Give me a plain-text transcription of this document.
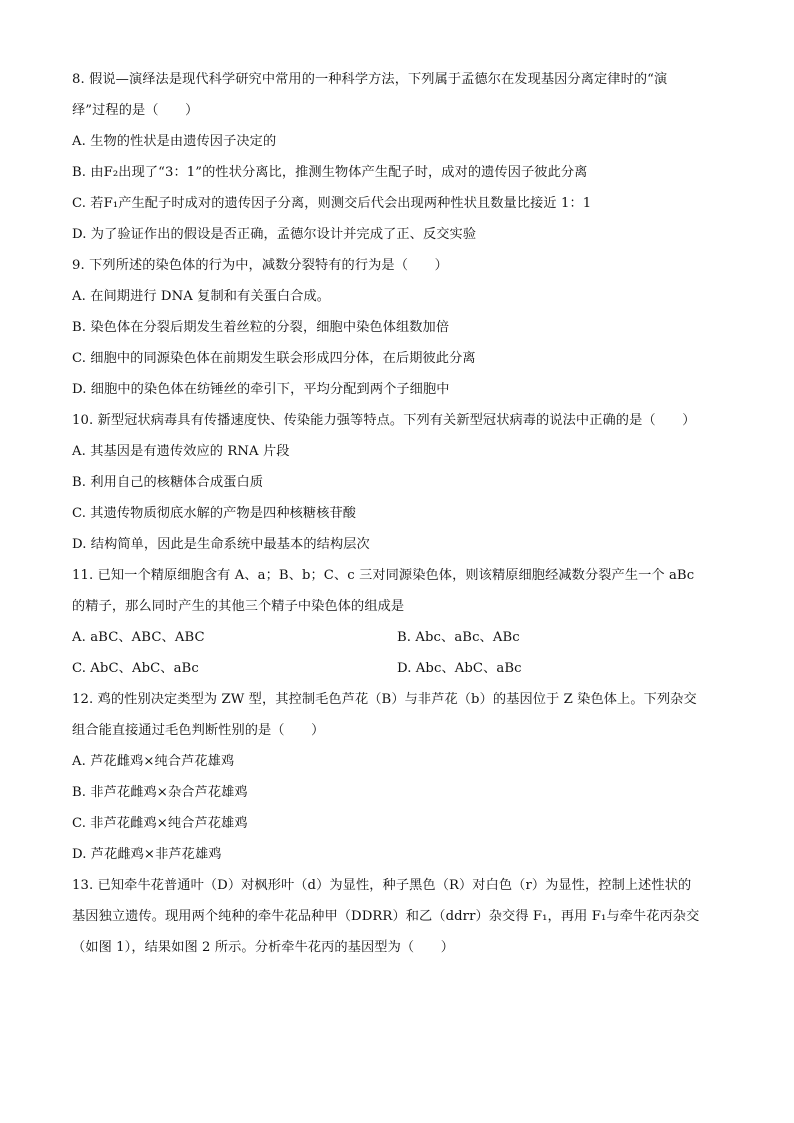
8. 假说—演绎法是现代科学研究中常用的一种科学方法，下列属于孟德尔在发现基因分离定律时的“演
绎”过程的是（　　）
A. 生物的性状是由遗传因子决定的
B. 由F₂出现了“3：1”的性状分离比，推测生物体产生配子时，成对的遗传因子彼此分离
C. 若F₁产生配子时成对的遗传因子分离，则测交后代会出现两种性状且数量比接近 1：1
D. 为了验证作出的假设是否正确，孟德尔设计并完成了正、反交实验
9. 下列所述的染色体的行为中，减数分裂特有的行为是（　　）
A. 在间期进行 DNA 复制和有关蛋白合成。
B. 染色体在分裂后期发生着丝粒的分裂，细胞中染色体组数加倍
C. 细胞中的同源染色体在前期发生联会形成四分体，在后期彼此分离
D. 细胞中的染色体在纺锤丝的牵引下，平均分配到两个子细胞中
10. 新型冠状病毒具有传播速度快、传染能力强等特点。下列有关新型冠状病毒的说法中正确的是（　　）
A. 其基因是有遗传效应的 RNA 片段
B. 利用自己的核糖体合成蛋白质
C. 其遗传物质彻底水解的产物是四种核糖核苷酸
D. 结构简单，因此是生命系统中最基本的结构层次
11. 已知一个精原细胞含有 A、a；B、b；C、c 三对同源染色体，则该精原细胞经减数分裂产生一个 aBc
的精子，那么同时产生的其他三个精子中染色体的组成是
A. aBC、ABC、ABC	B. Abc、aBc、ABc
C. AbC、AbC、aBc	D. Abc、AbC、aBc
12. 鸡的性别决定类型为 ZW 型，其控制毛色芦花（B）与非芦花（b）的基因位于 Z 染色体上。下列杂交
组合能直接通过毛色判断性别的是（　　）
A. 芦花雌鸡×纯合芦花雄鸡
B. 非芦花雌鸡×杂合芦花雄鸡
C. 非芦花雌鸡×纯合芦花雄鸡
D. 芦花雌鸡×非芦花雄鸡
13. 已知牵牛花普通叶（D）对枫形叶（d）为显性，种子黑色（R）对白色（r）为显性，控制上述性状的
基因独立遗传。现用两个纯种的牵牛花品种甲（DDRR）和乙（ddrr）杂交得 F₁，再用 F₁与牵牛花丙杂交
（如图 1），结果如图 2 所示。分析牵牛花丙的基因型为（　　）
